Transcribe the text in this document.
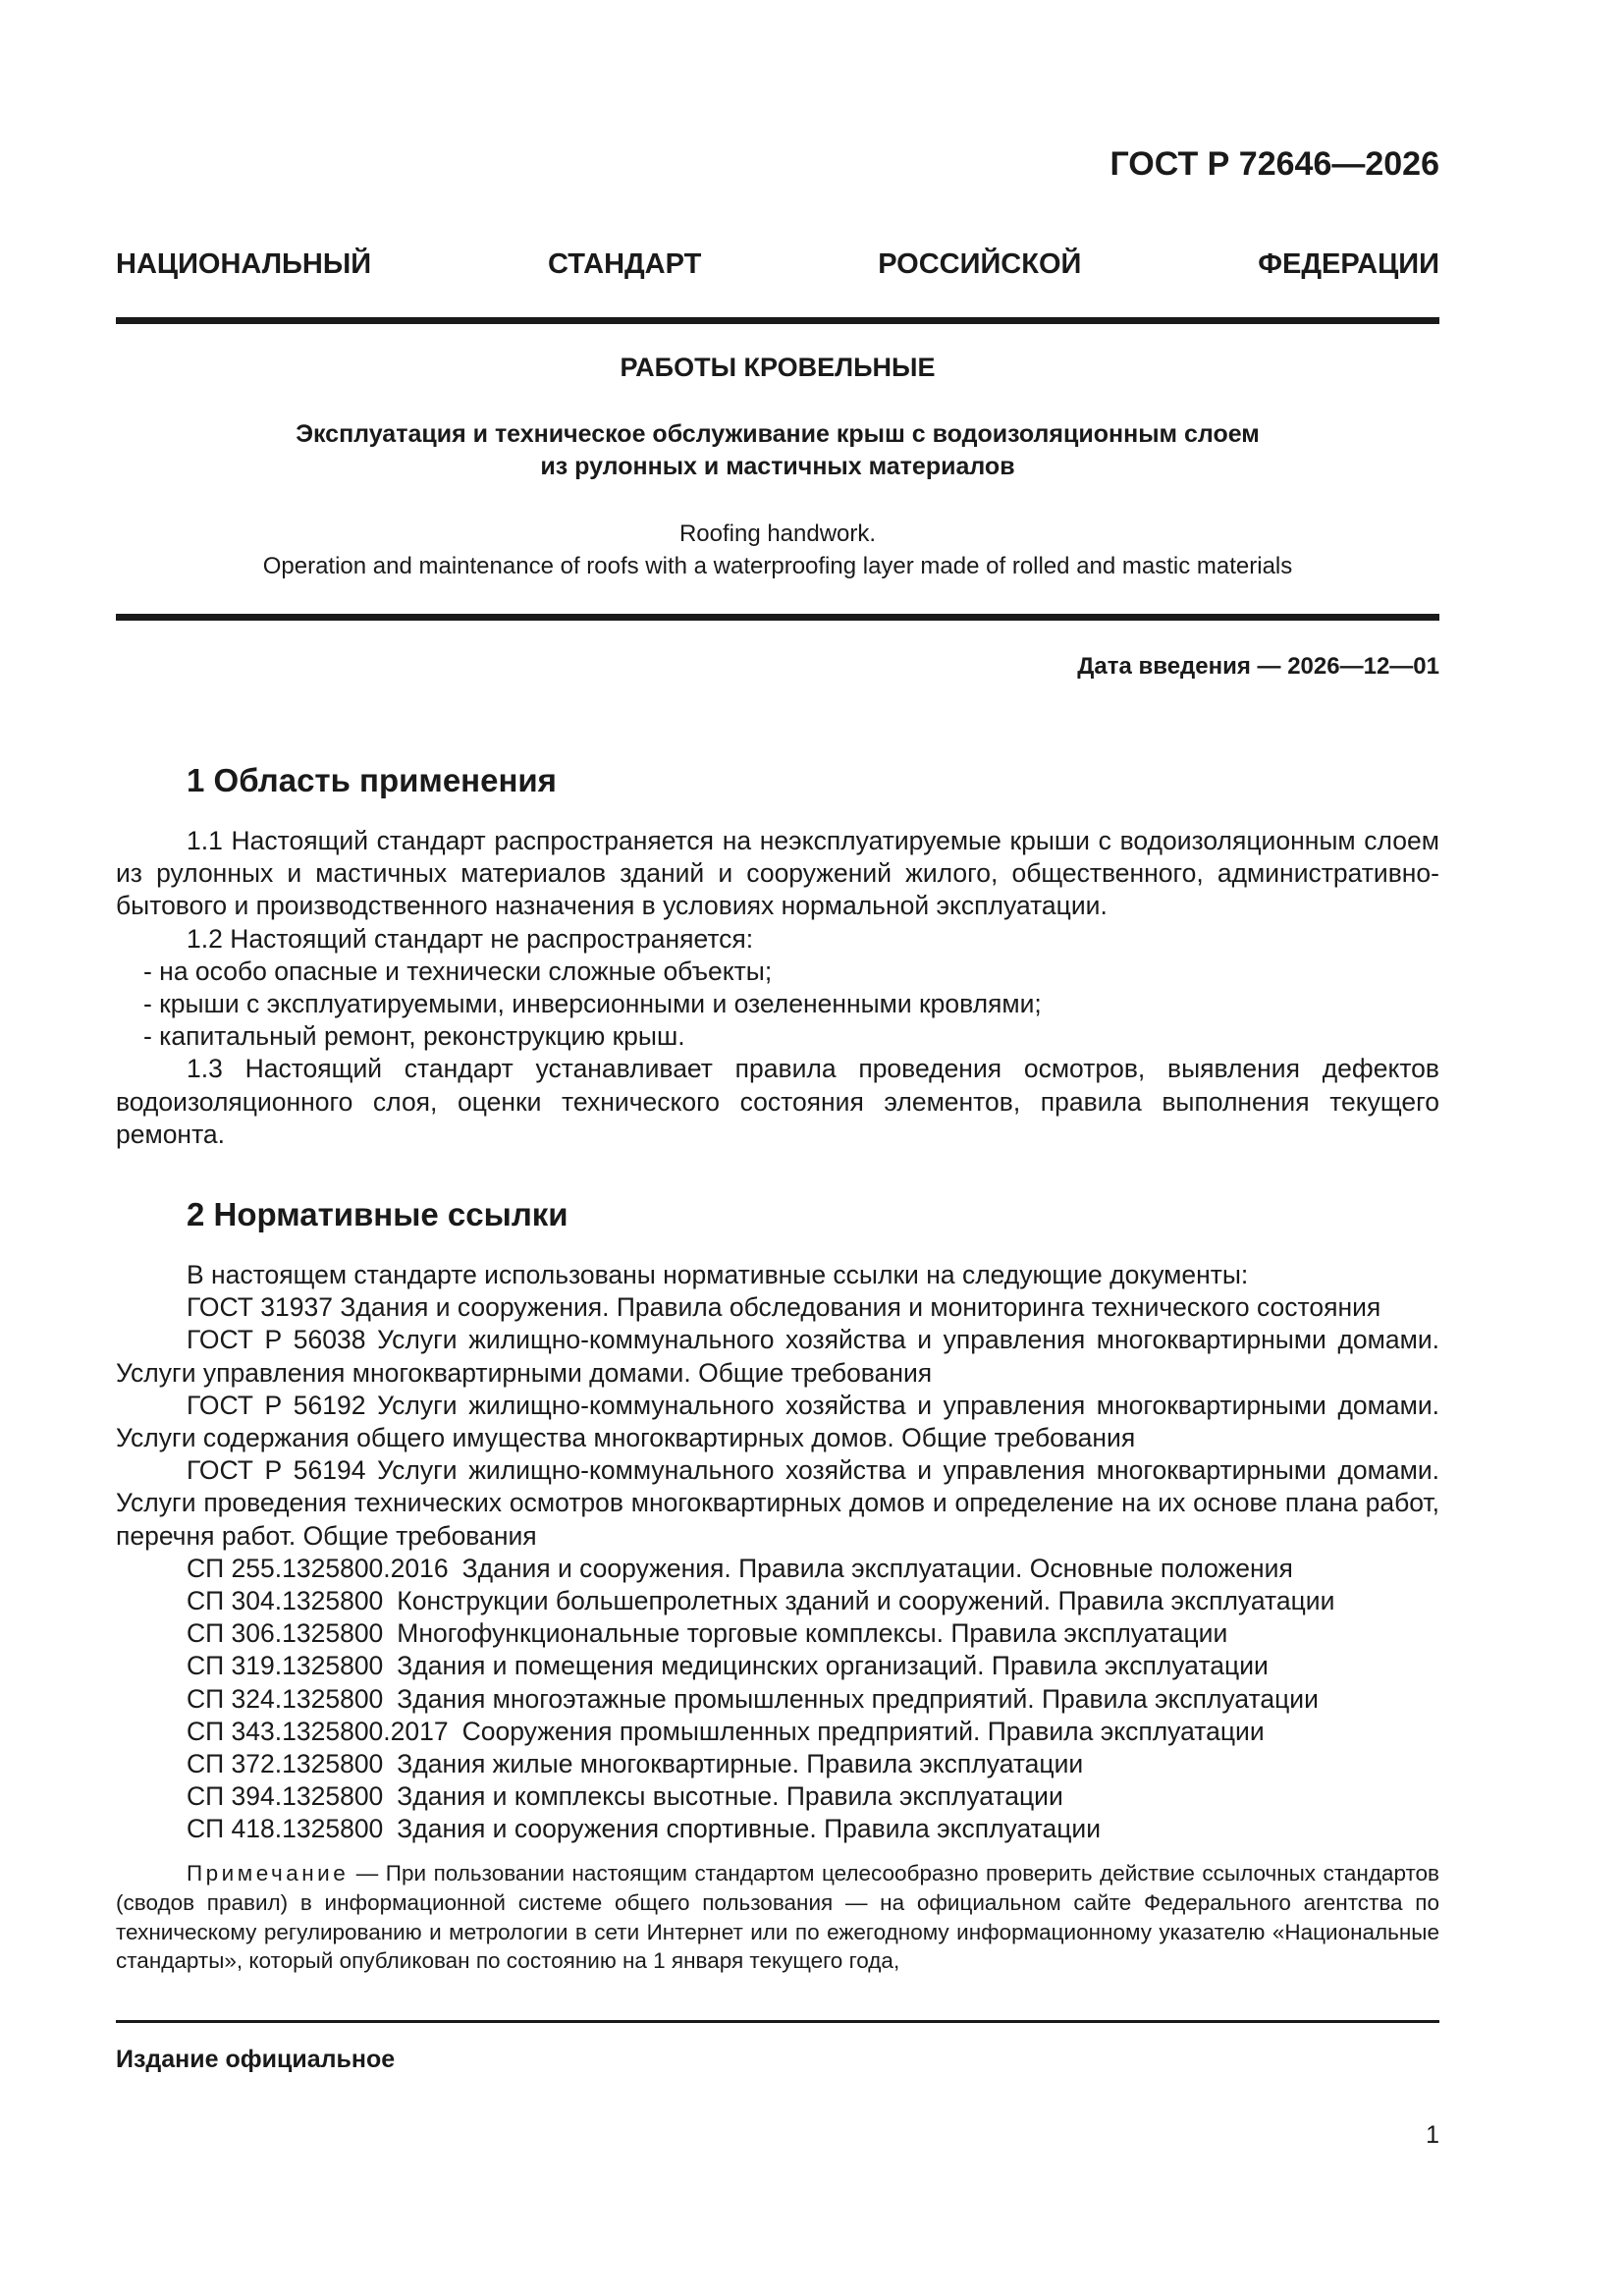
ГОСТ Р 72646—2026
НАЦИОНАЛЬНЫЙ СТАНДАРТ РОССИЙСКОЙ ФЕДЕРАЦИИ
РАБОТЫ КРОВЕЛЬНЫЕ
Эксплуатация и техническое обслуживание крыш с водоизоляционным слоем
из рулонных и мастичных материалов
Roofing handwork.
Operation and maintenance of roofs with a waterproofing layer made of rolled and mastic materials
Дата введения — 2026—12—01
1 Область применения

1.1 Настоящий стандарт распространяется на неэксплуатируемые крыши с водоизоляционным слоем из рулонных и мастичных материалов зданий и сооружений жилого, общественного, административно-бытового и производственного назначения в условиях нормальной эксплуатации.

1.2 Настоящий стандарт не распространяется:

- на особо опасные и технически сложные объекты;

- крыши с эксплуатируемыми, инверсионными и озелененными кровлями;

- капитальный ремонт, реконструкцию крыш.

1.3 Настоящий стандарт устанавливает правила проведения осмотров, выявления дефектов водоизоляционного слоя, оценки технического состояния элементов, правила выполнения текущего ремонта.

2 Нормативные ссылки

В настоящем стандарте использованы нормативные ссылки на следующие документы:

ГОСТ 31937 Здания и сооружения. Правила обследования и мониторинга технического состояния

ГОСТ Р 56038 Услуги жилищно-коммунального хозяйства и управления многоквартирными домами. Услуги управления многоквартирными домами. Общие требования

ГОСТ Р 56192 Услуги жилищно-коммунального хозяйства и управления многоквартирными домами. Услуги содержания общего имущества многоквартирных домов. Общие требования

ГОСТ Р 56194 Услуги жилищно-коммунального хозяйства и управления многоквартирными домами. Услуги проведения технических осмотров многоквартирных домов и определение на их основе плана работ, перечня работ. Общие требования

СП 255.1325800.2016 Здания и сооружения. Правила эксплуатации. Основные положения

СП 304.1325800 Конструкции большепролетных зданий и сооружений. Правила эксплуатации

СП 306.1325800 Многофункциональные торговые комплексы. Правила эксплуатации

СП 319.1325800 Здания и помещения медицинских организаций. Правила эксплуатации

СП 324.1325800 Здания многоэтажные промышленных предприятий. Правила эксплуатации

СП 343.1325800.2017 Сооружения промышленных предприятий. Правила эксплуатации

СП 372.1325800 Здания жилые многоквартирные. Правила эксплуатации

СП 394.1325800 Здания и комплексы высотные. Правила эксплуатации

СП 418.1325800 Здания и сооружения спортивные. Правила эксплуатации

Примечание — При пользовании настоящим стандартом целесообразно проверить действие ссылочных стандартов (сводов правил) в информационной системе общего пользования — на официальном сайте Федерального агентства по техническому регулированию и метрологии в сети Интернет или по ежегодному информационному указателю «Национальные стандарты», который опубликован по состоянию на 1 января текущего года,

Издание официальное
1
